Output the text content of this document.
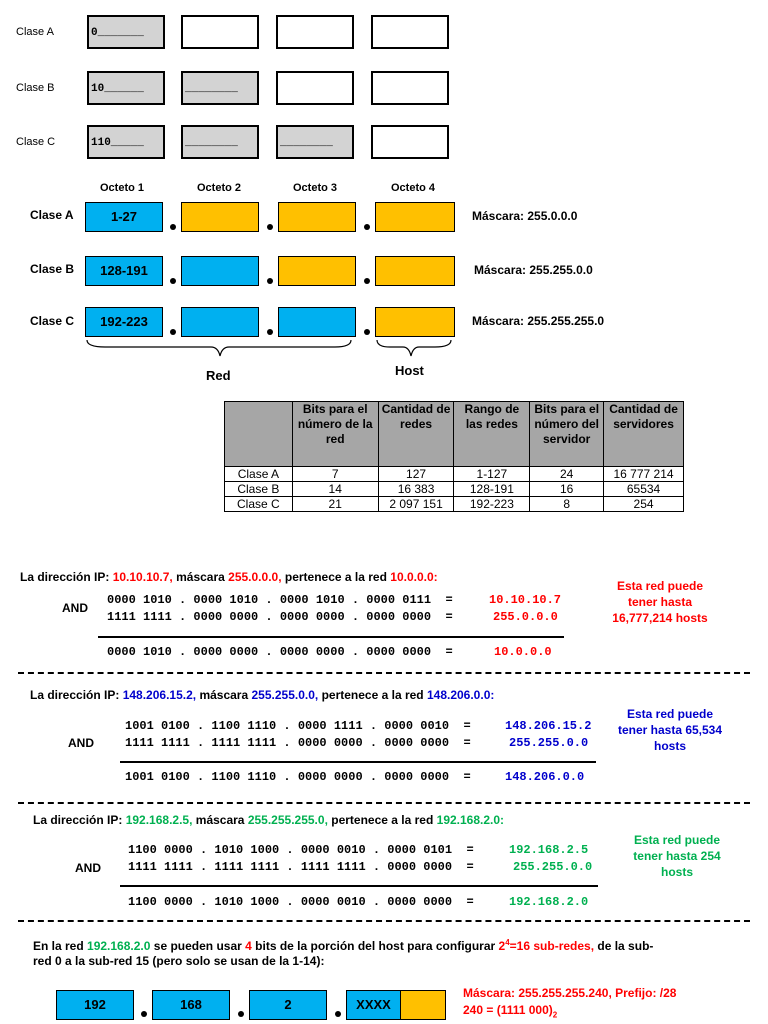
Clase A	0_______
Clase B	10______	________
Clase C	110_____	________	________
Octeto 1	Octeto 2	Octeto 3	Octeto 4
Clase A	1-27	Máscara: 255.0.0.0
Clase B	128-191	Máscara: 255.255.0.0
Clase C	192-223	Máscara: 255.255.255.0
Red	Host
	Bits para el número de la red	Cantidad de redes	Rango de las redes	Bits para el número del servidor	Cantidad de servidores
Clase A	7	127	1-127	24	16 777 214
Clase B	14	16 383	128-191	16	65534
Clase C	21	2 097 151	192-223	8	254
La dirección IP: 10.10.10.7, máscara 255.0.0.0, pertenece a la red 10.0.0.0:
AND
0000 1010 . 0000 1010 . 0000 1010 . 0000 0111  =	10.10.10.7
1111 1111 . 0000 0000 . 0000 0000 . 0000 0000  =	255.0.0.0
0000 1010 . 0000 0000 . 0000 0000 . 0000 0000  =	10.0.0.0
Esta red puede
tener hasta
16,777,214 hosts
La dirección IP: 148.206.15.2, máscara 255.255.0.0, pertenece a la red 148.206.0.0:
AND
1001 0100 . 1100 1110 . 0000 1111 . 0000 0010  =	148.206.15.2
1111 1111 . 1111 1111 . 0000 0000 . 0000 0000  =	255.255.0.0
1001 0100 . 1100 1110 . 0000 0000 . 0000 0000  =	148.206.0.0
Esta red puede
tener hasta 65,534
hosts
La dirección IP: 192.168.2.5, máscara 255.255.255.0, pertenece a la red 192.168.2.0:
AND
1100 0000 . 1010 1000 . 0000 0010 . 0000 0101  =	192.168.2.5
1111 1111 . 1111 1111 . 1111 1111 . 0000 0000  =	255.255.0.0
1100 0000 . 1010 1000 . 0000 0010 . 0000 0000  =	192.168.2.0
Esta red puede
tener hasta 254
hosts
En la red 192.168.2.0 se pueden usar 4 bits de la porción del host para configurar $2^4=16$ sub-redes, de la sub-
red 0 a la sub-red 15 (pero solo se usan de la 1-14):
192	168	2	XXXX
Máscara: 255.255.255.240, Prefijo: /28
240 = (1111 $000)_2$
